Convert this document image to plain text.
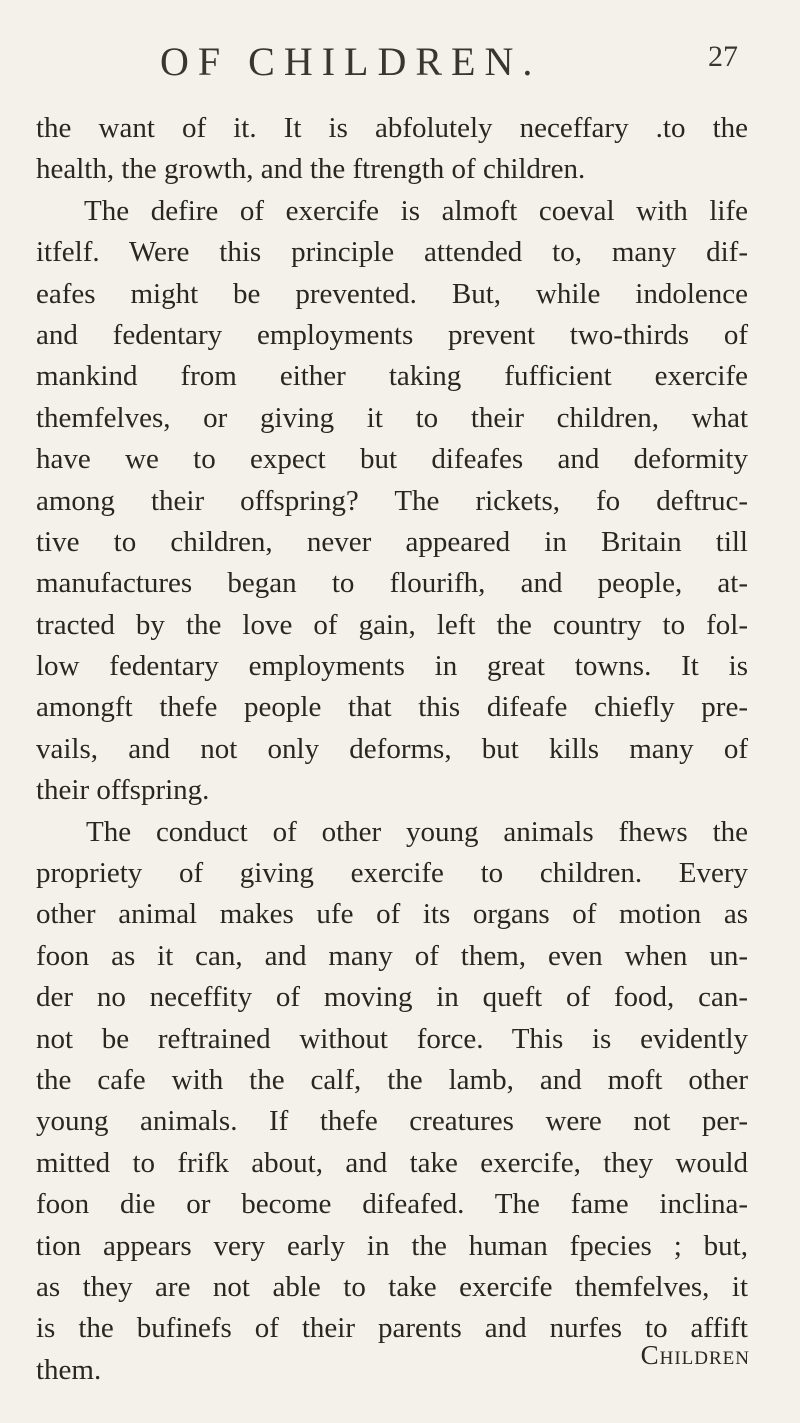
OF CHILDREN.	27
the want of it. It is abfolutely neceffary .to the
health, the growth, and the ftrength of children.
The defire of exercife is almoft coeval with life
itfelf. Were this principle attended to, many dif-
eafes might be prevented. But, while indolence
and fedentary employments prevent two-thirds of
mankind from either taking fufficient exercife
themfelves, or giving it to their children, what
have we to expect but difeafes and deformity
among their offspring? The rickets, fo deftruc-
tive to children, never appeared in Britain till
manufactures began to flourifh, and people, at-
tracted by the love of gain, left the country to fol-
low fedentary employments in great towns. It is
amongft thefe people that this difeafe chiefly pre-
vails, and not only deforms, but kills many of
their offspring.
The conduct of other young animals fhews the
propriety of giving exercife to children. Every
other animal makes ufe of its organs of motion as
foon as it can, and many of them, even when un-
der no neceffity of moving in queft of food, can-
not be reftrained without force. This is evidently
the cafe with the calf, the lamb, and moft other
young animals. If thefe creatures were not per-
mitted to frifk about, and take exercife, they would
foon die or become difeafed. The fame inclina-
tion appears very early in the human fpecies ; but,
as they are not able to take exercife themfelves, it
is the bufinefs of their parents and nurfes to affift
them.	Children
